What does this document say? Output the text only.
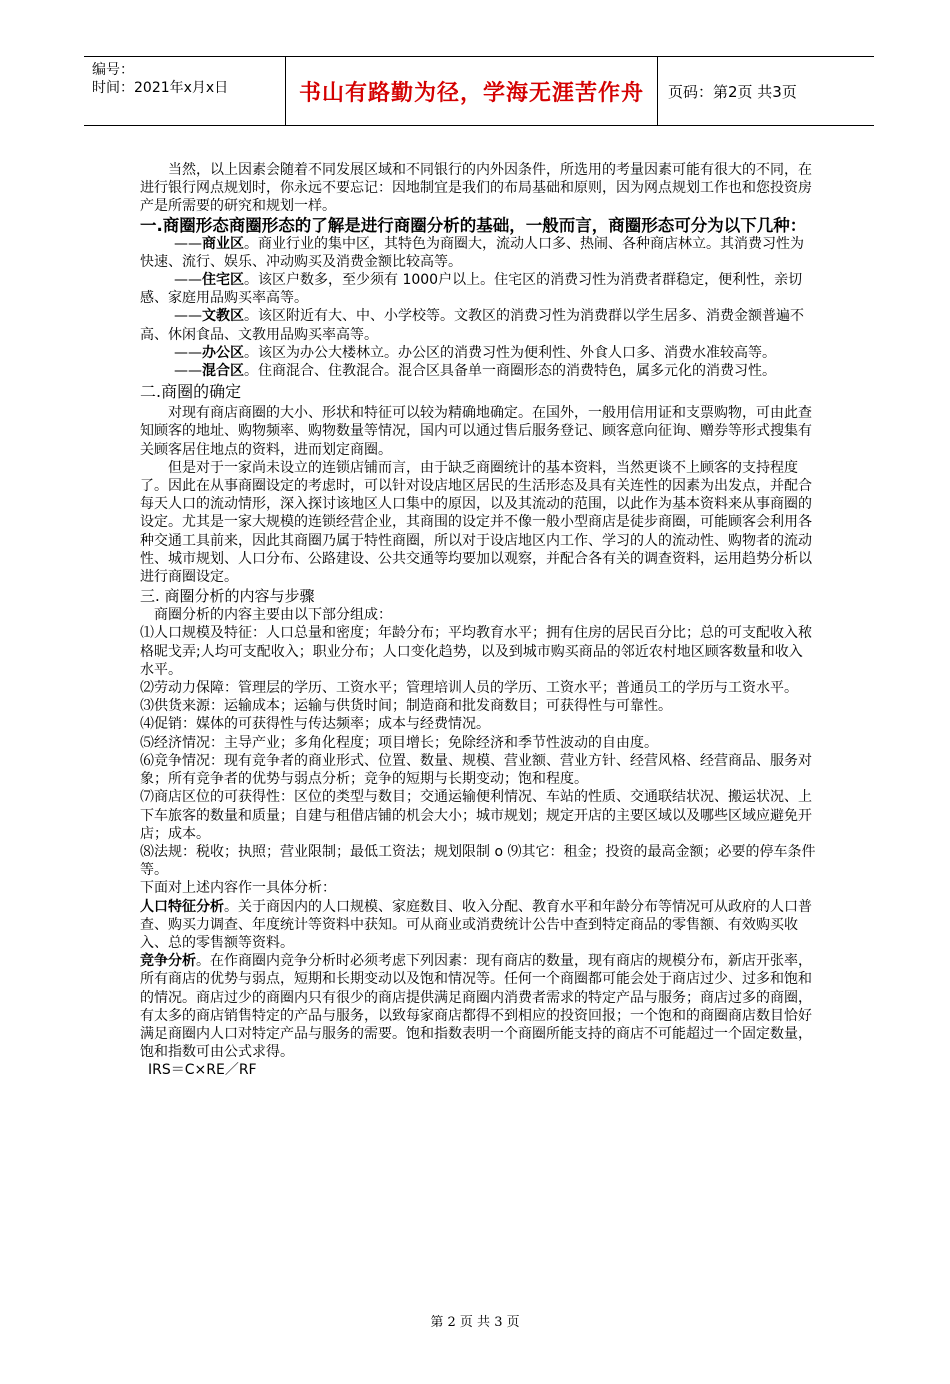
编号：
时间：2021年x月x日	书山有路勤为径，学海无涯苦作舟	页码：第2页 共3页

当然，以上因素会随着不同发展区域和不同银行的内外因条件，所选用的考量因素可能有很大的不同，在进行银行网点规划时，你永远不要忘记：因地制宜是我们的布局基础和原则，因为网点规划工作也和您投资房产是所需要的研究和规划一样。

一.商圈形态商圈形态的了解是进行商圈分析的基础，一般而言，商圈形态可分为以下几种：

——商业区。商业行业的集中区，其特色为商圈大，流动人口多、热闹、各种商店林立。其消费习性为快速、流行、娱乐、冲动购买及消费金额比较高等。

——住宅区。该区户数多，至少须有 1000户以上。住宅区的消费习性为消费者群稳定，便利性，亲切感、家庭用品购买率高等。

——文教区。该区附近有大、中、小学校等。文教区的消费习性为消费群以学生居多、消费金额普遍不高、休闲食品、文教用品购买率高等。

——办公区。该区为办公大楼林立。办公区的消费习性为便利性、外食人口多、消费水准较高等。

——混合区。住商混合、住教混合。混合区具备单一商圈形态的消费特色，属多元化的消费习性。

二.商圈的确定

对现有商店商圈的大小、形状和特征可以较为精确地确定。在国外，一般用信用证和支票购物，可由此查知顾客的地址、购物频率、购物数量等情况，国内可以通过售后服务登记、顾客意向征询、赠券等形式搜集有关顾客居住地点的资料，进而划定商圈。

但是对于一家尚未设立的连锁店铺而言，由于缺乏商圈统计的基本资料，当然更谈不上顾客的支持程度了。因此在从事商圈设定的考虑时，可以针对设店地区居民的生活形态及具有关连性的因素为出发点，并配合每天人口的流动情形，深入探讨该地区人口集中的原因，以及其流动的范围，以此作为基本资料来从事商圈的设定。尤其是一家大规模的连锁经营企业，其商围的设定并不像一般小型商店是徒步商圈，可能顾客会利用各种交通工具前来，因此其商圈乃属于特性商圈，所以对于设店地区内工作、学习的人的流动性、购物者的流动性、城市规划、人口分布、公路建设、公共交通等均要加以观察，并配合各有关的调查资料，运用趋势分析以进行商圈设定。

三. 商圈分析的内容与步骤

商圈分析的内容主要由以下部分组成：

⑴人口规模及特征：人口总量和密度；年龄分布；平均教育水平；拥有住房的居民百分比；总的可支配收入秾格昵戈弄;人均可支配收入；职业分布；人口变化趋势，以及到城市购买商品的邻近农村地区顾客数量和收入水平。

⑵劳动力保障：管理层的学历、工资水平；管理培训人员的学历、工资水平；普通员工的学历与工资水平。

⑶供货来源：运输成本；运输与供货时间；制造商和批发商数目；可获得性与可靠性。

⑷促销：媒体的可获得性与传达频率；成本与经费情况。

⑸经济情况：主导产业；多角化程度；项目增长；免除经济和季节性波动的自由度。

⑹竞争情况：现有竞争者的商业形式、位置、数量、规模、营业额、营业方针、经营风格、经营商品、服务对象；所有竞争者的优势与弱点分析；竞争的短期与长期变动；饱和程度。

⑺商店区位的可获得性：区位的类型与数目；交通运输便利情况、车站的性质、交通联结状况、搬运状况、上下车旅客的数量和质量；自建与租借店铺的机会大小；城市规划；规定开店的主要区域以及哪些区域应避免开店；成本。

⑻法规：税收；执照；营业限制；最低工资法；规划限制 o ⑼其它：租金；投资的最高金额；必要的停车条件等。

下面对上述内容作一具体分析：

人口特征分析。关于商因内的人口规模、家庭数目、收入分配、教育水平和年龄分布等情况可从政府的人口普查、购买力调查、年度统计等资料中获知。可从商业或消费统计公告中查到特定商品的零售额、有效购买收入、总的零售额等资料。

竞争分析。在作商圈内竞争分析时必须考虑下列因素：现有商店的数量，现有商店的规模分布，新店开张率，所有商店的优势与弱点，短期和长期变动以及饱和情况等。任何一个商圈都可能会处于商店过少、过多和饱和的情况。商店过少的商圈内只有很少的商店提供满足商圈内消费者需求的特定产品与服务；商店过多的商圈，有太多的商店销售特定的产品与服务，以致每家商店都得不到相应的投资回报；一个饱和的商圈商店数目恰好满足商圈内人口对特定产品与服务的需要。饱和指数表明一个商圈所能支持的商店不可能超过一个固定数量，饱和指数可由公式求得。

IRS＝C×RE／RF

第 2 页 共 3 页
